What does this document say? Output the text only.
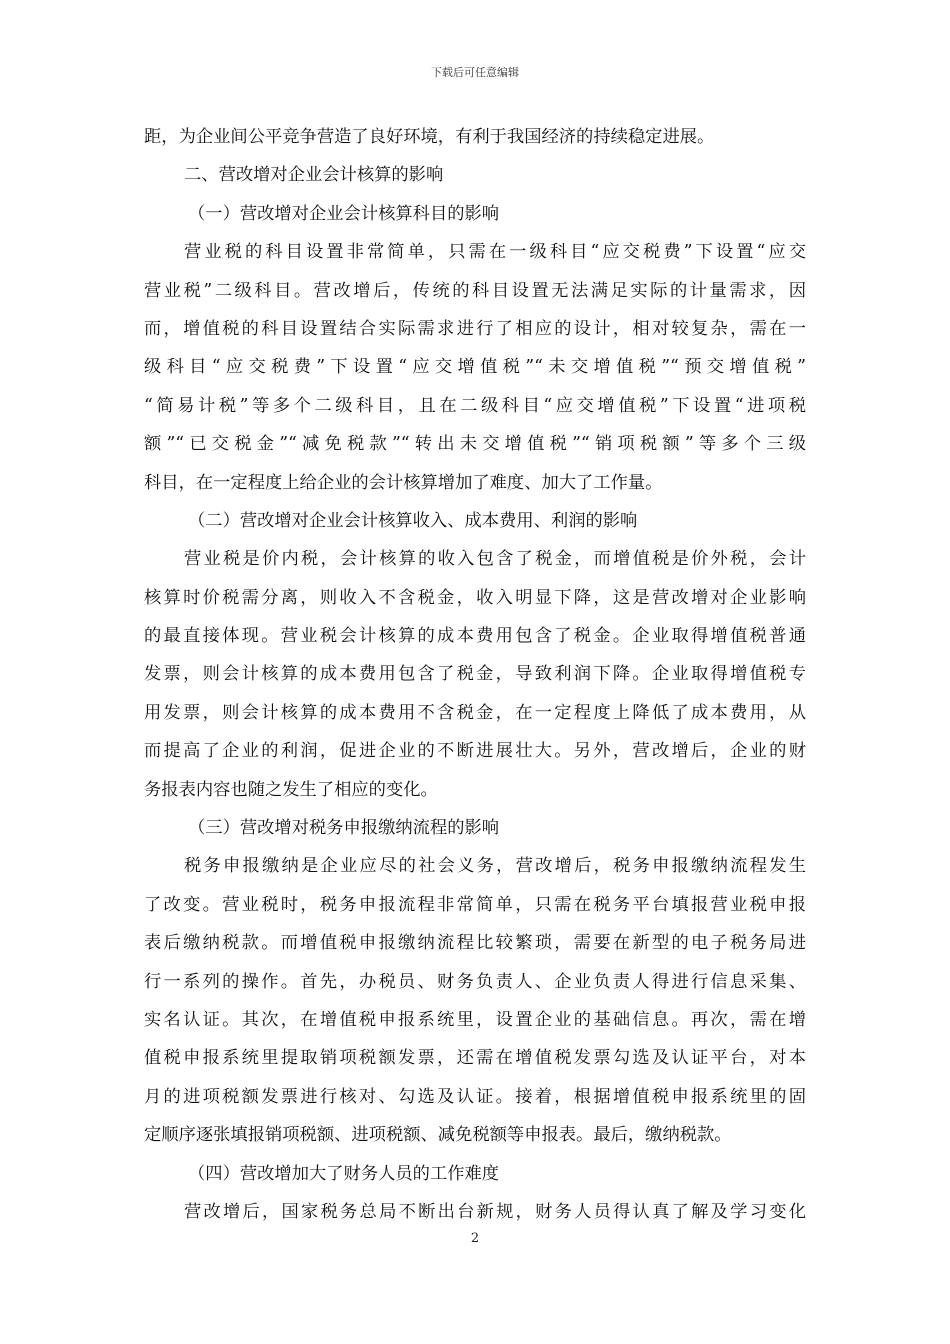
下载后可任意编辑
距，为企业间公平竞争营造了良好环境，有利于我国经济的持续稳定进展。
二、营改增对企业会计核算的影响
（一）营改增对企业会计核算科目的影响
营业税的科目设置非常简单，只需在一级科目“应交税费”下设置“应交
营业税”二级科目。营改增后，传统的科目设置无法满足实际的计量需求，因
而，增值税的科目设置结合实际需求进行了相应的设计，相对较复杂，需在一
级科目“应交税费”下设置“应交增值税”“未交增值税”“预交增值税”
“简易计税”等多个二级科目，且在二级科目“应交增值税”下设置“进项税
额”“已交税金”“减免税款”“转出未交增值税”“销项税额”等多个三级
科目，在一定程度上给企业的会计核算增加了难度、加大了工作量。
（二）营改增对企业会计核算收入、成本费用、利润的影响
营业税是价内税，会计核算的收入包含了税金，而增值税是价外税，会计
核算时价税需分离，则收入不含税金，收入明显下降，这是营改增对企业影响
的最直接体现。营业税会计核算的成本费用包含了税金。企业取得增值税普通
发票，则会计核算的成本费用包含了税金，导致利润下降。企业取得增值税专
用发票，则会计核算的成本费用不含税金，在一定程度上降低了成本费用，从
而提高了企业的利润，促进企业的不断进展壮大。另外，营改增后，企业的财
务报表内容也随之发生了相应的变化。
（三）营改增对税务申报缴纳流程的影响
税务申报缴纳是企业应尽的社会义务，营改增后，税务申报缴纳流程发生
了改变。营业税时，税务申报流程非常简单，只需在税务平台填报营业税申报
表后缴纳税款。而增值税申报缴纳流程比较繁琐，需要在新型的电子税务局进
行一系列的操作。首先，办税员、财务负责人、企业负责人得进行信息采集、
实名认证。其次，在增值税申报系统里，设置企业的基础信息。再次，需在增
值税申报系统里提取销项税额发票，还需在增值税发票勾选及认证平台，对本
月的进项税额发票进行核对、勾选及认证。接着，根据增值税申报系统里的固
定顺序逐张填报销项税额、进项税额、减免税额等申报表。最后，缴纳税款。
（四）营改增加大了财务人员的工作难度
营改增后，国家税务总局不断出台新规，财务人员得认真了解及学习变化
2
